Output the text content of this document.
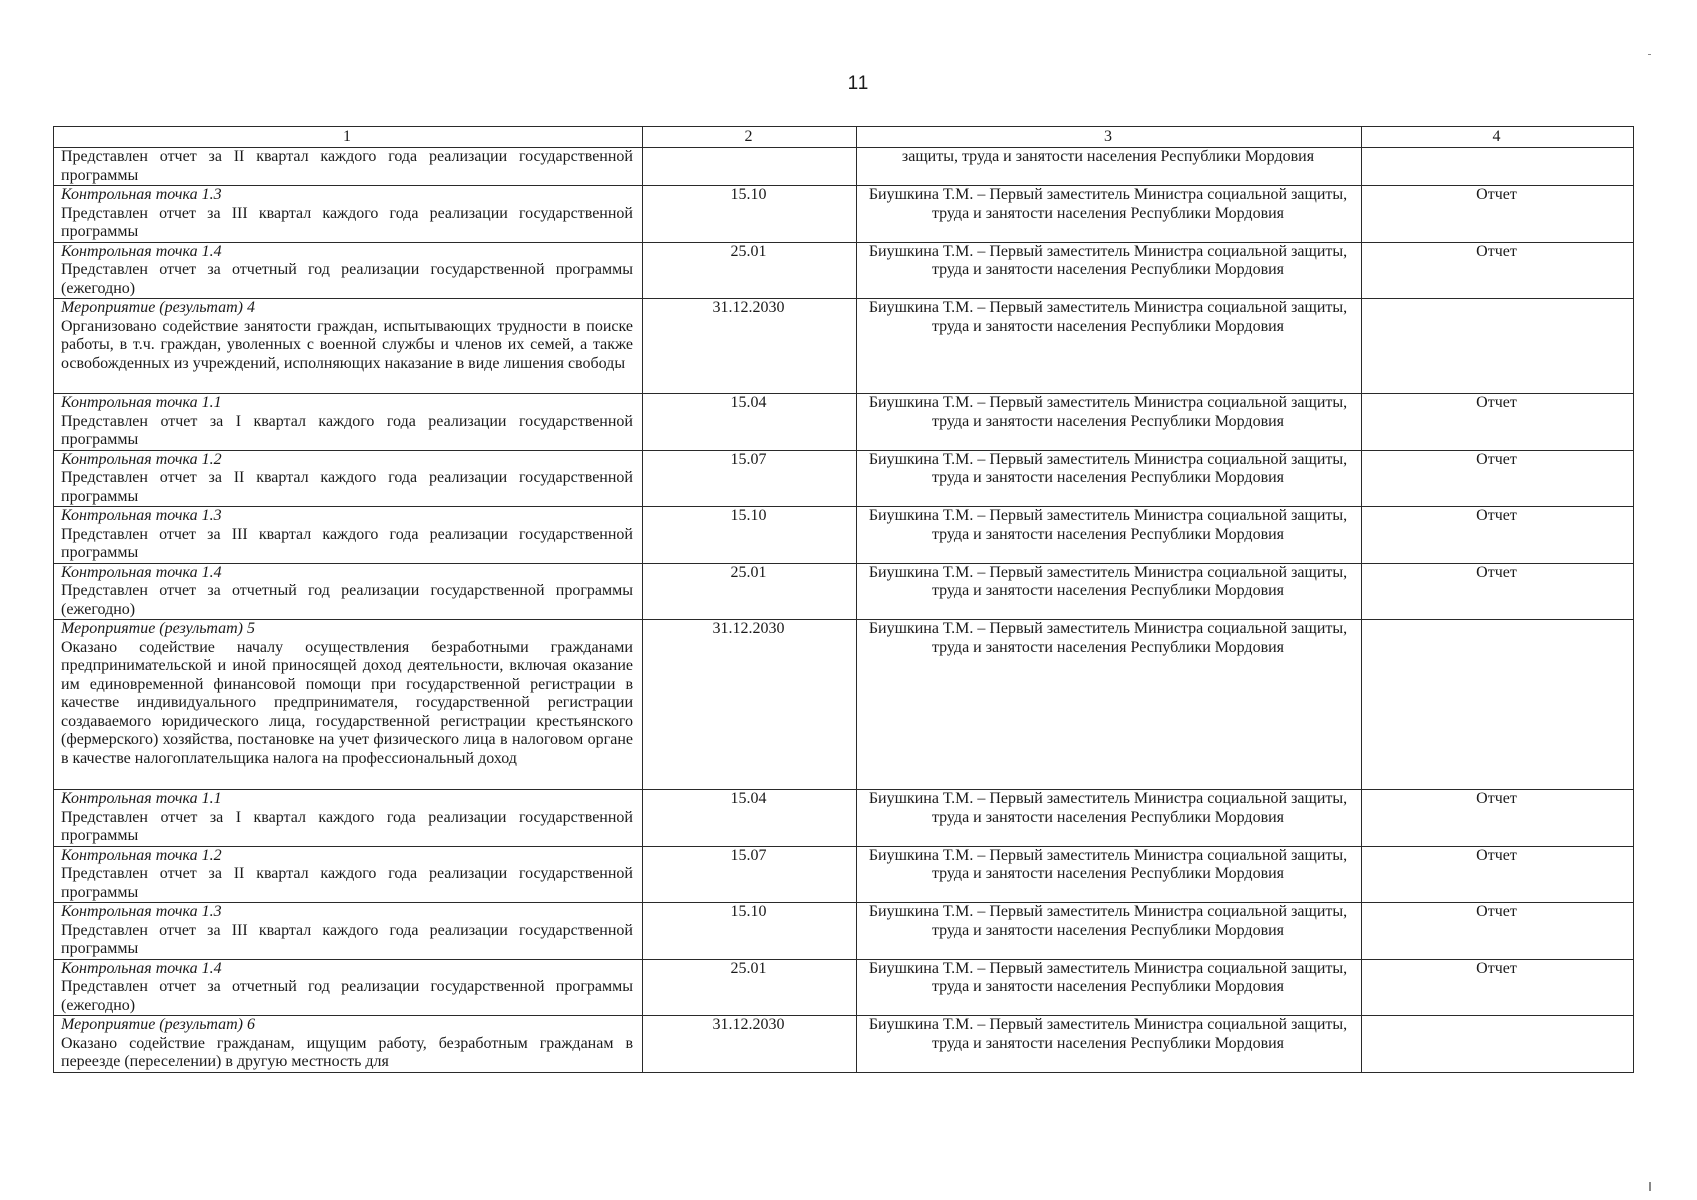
11
1	2	3	4

Представлен отчет за II квартал каждого года реализации государственной программы		защиты, труда и занятости населения Республики Мордовия	

Контрольная точка 1.3
Представлен отчет за III квартал каждого года реализации государственной программы	15.10	Биушкина Т.М. – Первый заместитель Министра социальной защиты, труда и занятости населения Республики Мордовия	Отчет

Контрольная точка 1.4
Представлен отчет за отчетный год реализации государственной программы (ежегодно)	25.01	Биушкина Т.М. – Первый заместитель Министра социальной защиты, труда и занятости населения Республики Мордовия	Отчет

Мероприятие (результат) 4
Организовано содействие занятости граждан, испытывающих трудности в поиске работы, в т.ч. граждан, уволенных с военной службы и членов их семей, а также освобожденных из учреждений, исполняющих наказание в виде лишения свободы	31.12.2030	Биушкина Т.М. – Первый заместитель Министра социальной защиты, труда и занятости населения Республики Мордовия	

Контрольная точка 1.1
Представлен отчет за I квартал каждого года реализации государственной программы	15.04	Биушкина Т.М. – Первый заместитель Министра социальной защиты, труда и занятости населения Республики Мордовия	Отчет

Контрольная точка 1.2
Представлен отчет за II квартал каждого года реализации государственной программы	15.07	Биушкина Т.М. – Первый заместитель Министра социальной защиты, труда и занятости населения Республики Мордовия	Отчет

Контрольная точка 1.3
Представлен отчет за III квартал каждого года реализации государственной программы	15.10	Биушкина Т.М. – Первый заместитель Министра социальной защиты, труда и занятости населения Республики Мордовия	Отчет

Контрольная точка 1.4
Представлен отчет за отчетный год реализации государственной программы (ежегодно)	25.01	Биушкина Т.М. – Первый заместитель Министра социальной защиты, труда и занятости населения Республики Мордовия	Отчет

Мероприятие (результат) 5
Оказано содействие началу осуществления безработными гражданами предпринимательской и иной приносящей доход деятельности, включая оказание им единовременной финансовой помощи при государственной регистрации в качестве индивидуального предпринимателя, государственной регистрации создаваемого юридического лица, государственной регистрации крестьянского (фермерского) хозяйства, постановке на учет физического лица в налоговом органе в качестве налогоплательщика налога на профессиональный доход	31.12.2030	Биушкина Т.М. – Первый заместитель Министра социальной защиты, труда и занятости населения Республики Мордовия	

Контрольная точка 1.1
Представлен отчет за I квартал каждого года реализации государственной программы	15.04	Биушкина Т.М. – Первый заместитель Министра социальной защиты, труда и занятости населения Республики Мордовия	Отчет

Контрольная точка 1.2
Представлен отчет за II квартал каждого года реализации государственной программы	15.07	Биушкина Т.М. – Первый заместитель Министра социальной защиты, труда и занятости населения Республики Мордовия	Отчет

Контрольная точка 1.3
Представлен отчет за III квартал каждого года реализации государственной программы	15.10	Биушкина Т.М. – Первый заместитель Министра социальной защиты, труда и занятости населения Республики Мордовия	Отчет

Контрольная точка 1.4
Представлен отчет за отчетный год реализации государственной программы (ежегодно)	25.01	Биушкина Т.М. – Первый заместитель Министра социальной защиты, труда и занятости населения Республики Мордовия	Отчет

Мероприятие (результат) 6
Оказано содействие гражданам, ищущим работу, безработным гражданам в переезде (переселении) в другую местность для	31.12.2030	Биушкина Т.М. – Первый заместитель Министра социальной защиты, труда и занятости населения Республики Мордовия	
